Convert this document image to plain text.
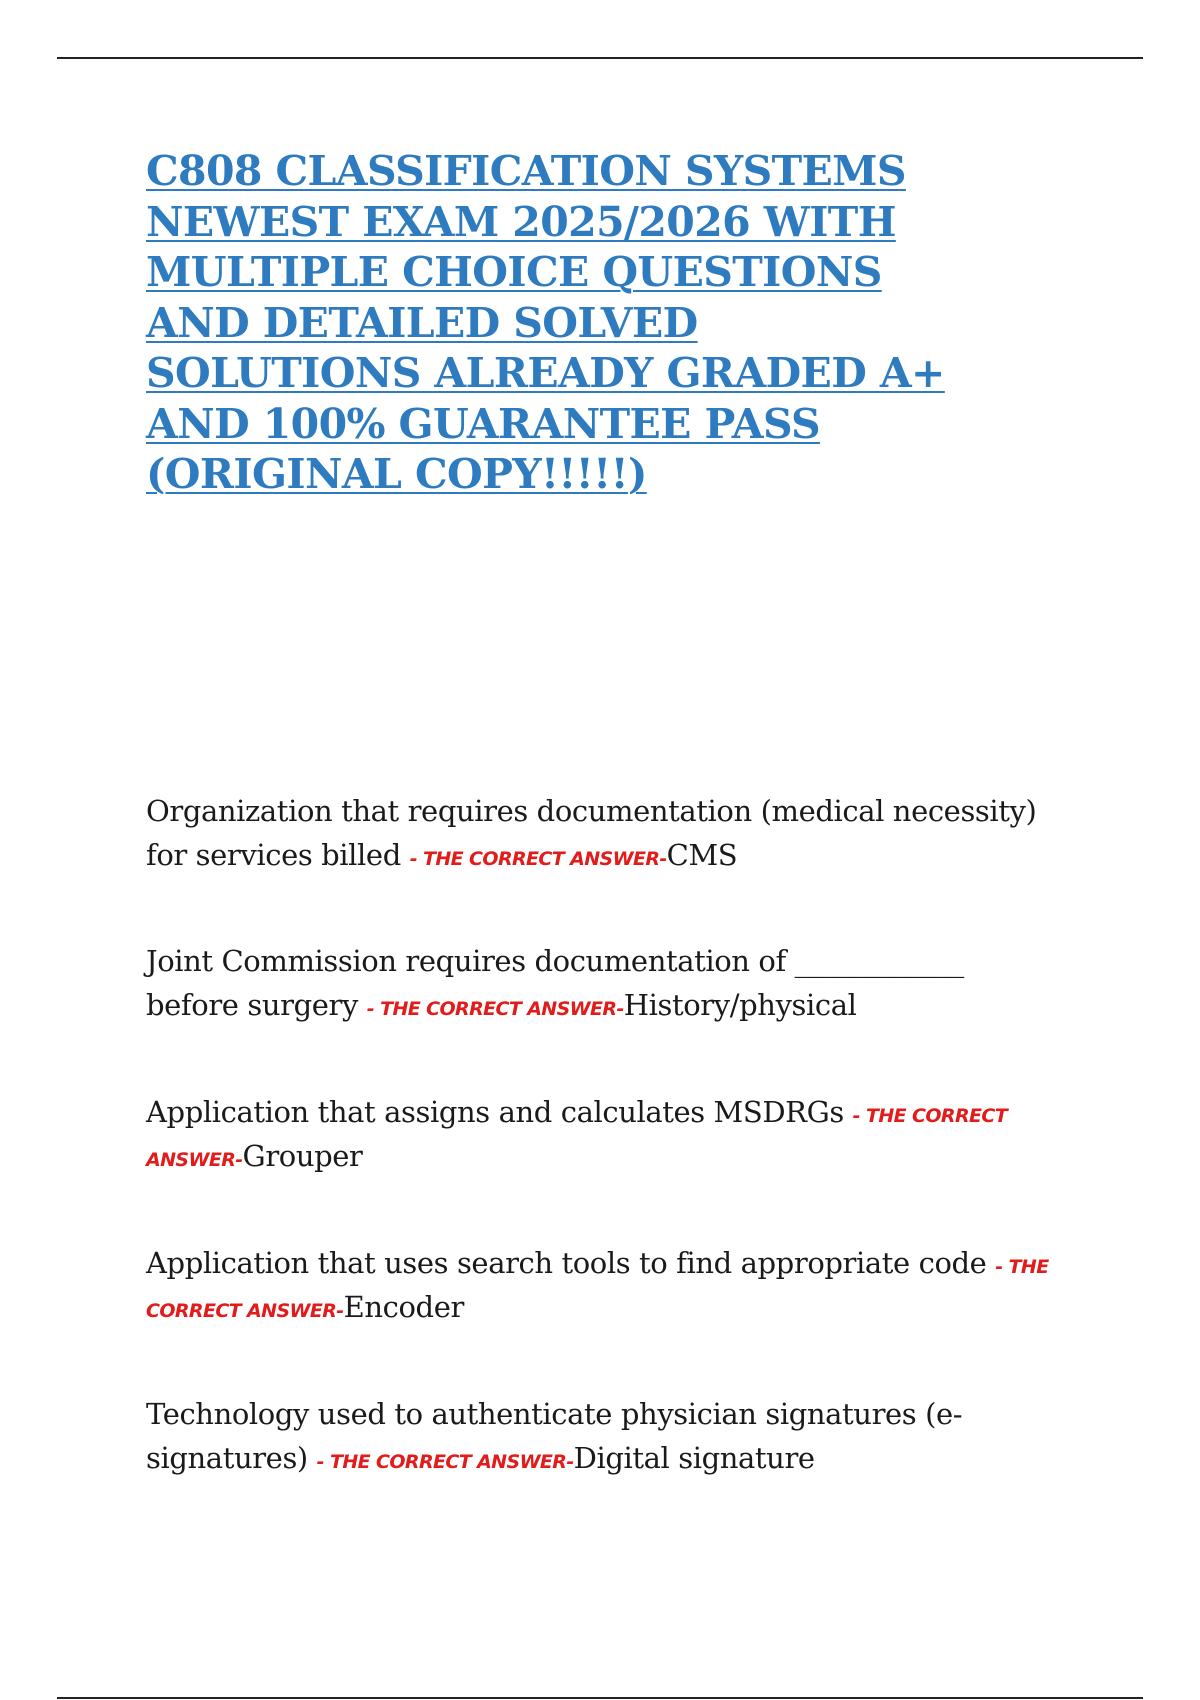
C808 CLASSIFICATION SYSTEMS
NEWEST EXAM 2025/2026 WITH
MULTIPLE CHOICE QUESTIONS
AND DETAILED SOLVED
SOLUTIONS ALREADY GRADED A+
AND 100% GUARANTEE PASS
(ORIGINAL COPY!!!!!)
Organization that requires documentation (medical necessity)
for services billed - THE CORRECT ANSWER-CMS
Joint Commission requires documentation of ____________
before surgery - THE CORRECT ANSWER-History/physical
Application that assigns and calculates MSDRGs - THE CORRECT
ANSWER-Grouper
Application that uses search tools to find appropriate code - THE
CORRECT ANSWER-Encoder
Technology used to authenticate physician signatures (e-
signatures) - THE CORRECT ANSWER-Digital signature
